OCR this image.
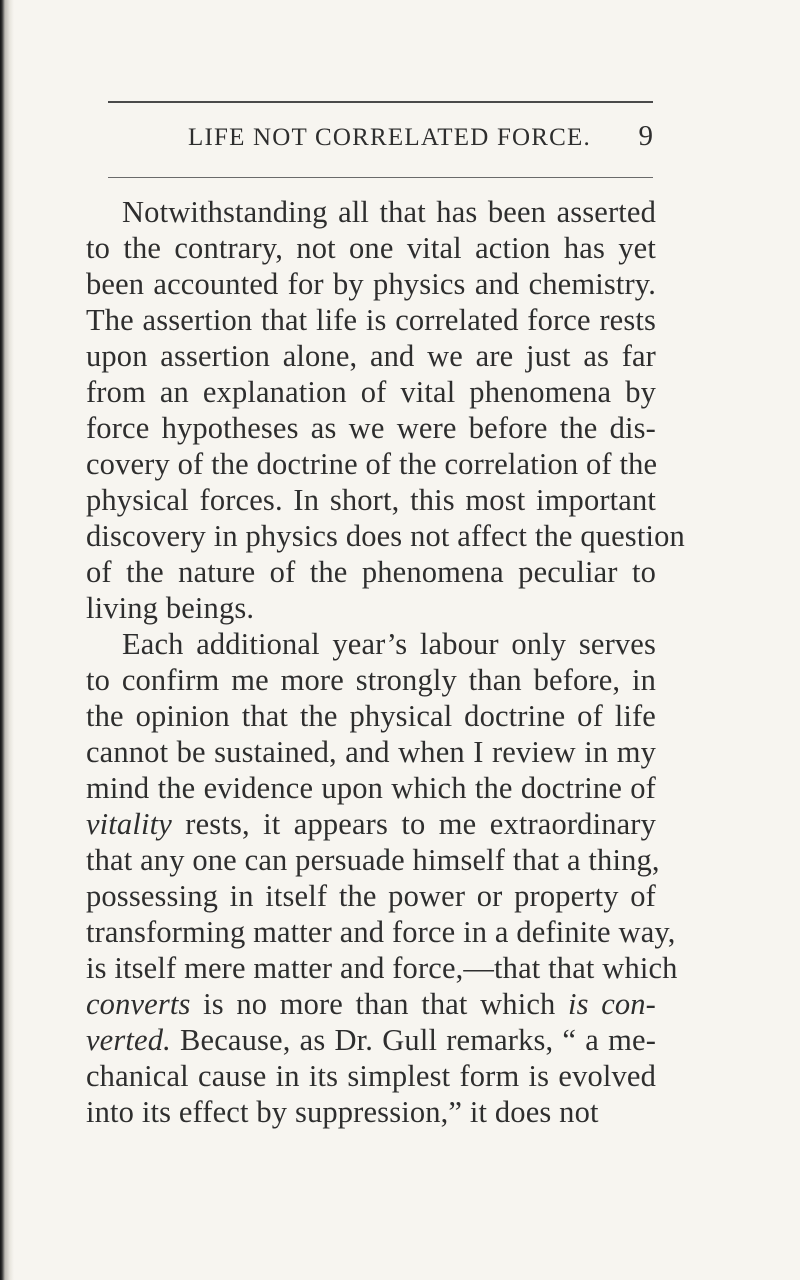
LIFE NOT CORRELATED FORCE. 9
Notwithstanding all that has been asserted
to the contrary, not one vital action has yet
been accounted for by physics and chemistry.
The assertion that life is correlated force rests
upon assertion alone, and we are just as far
from an explanation of vital phenomena by
force hypotheses as we were before the dis-
covery of the doctrine of the correlation of the
physical forces. In short, this most important
discovery in physics does not affect the question
of the nature of the phenomena peculiar to
living beings.
Each additional year’s labour only serves
to confirm me more strongly than before, in
the opinion that the physical doctrine of life
cannot be sustained, and when I review in my
mind the evidence upon which the doctrine of
vitality rests, it appears to me extraordinary
that any one can persuade himself that a thing,
possessing in itself the power or property of
transforming matter and force in a definite way,
is itself mere matter and force,—that that which
converts is no more than that which is con-
verted. Because, as Dr. Gull remarks, “ a me-
chanical cause in its simplest form is evolved
into its effect by suppression,” it does not
